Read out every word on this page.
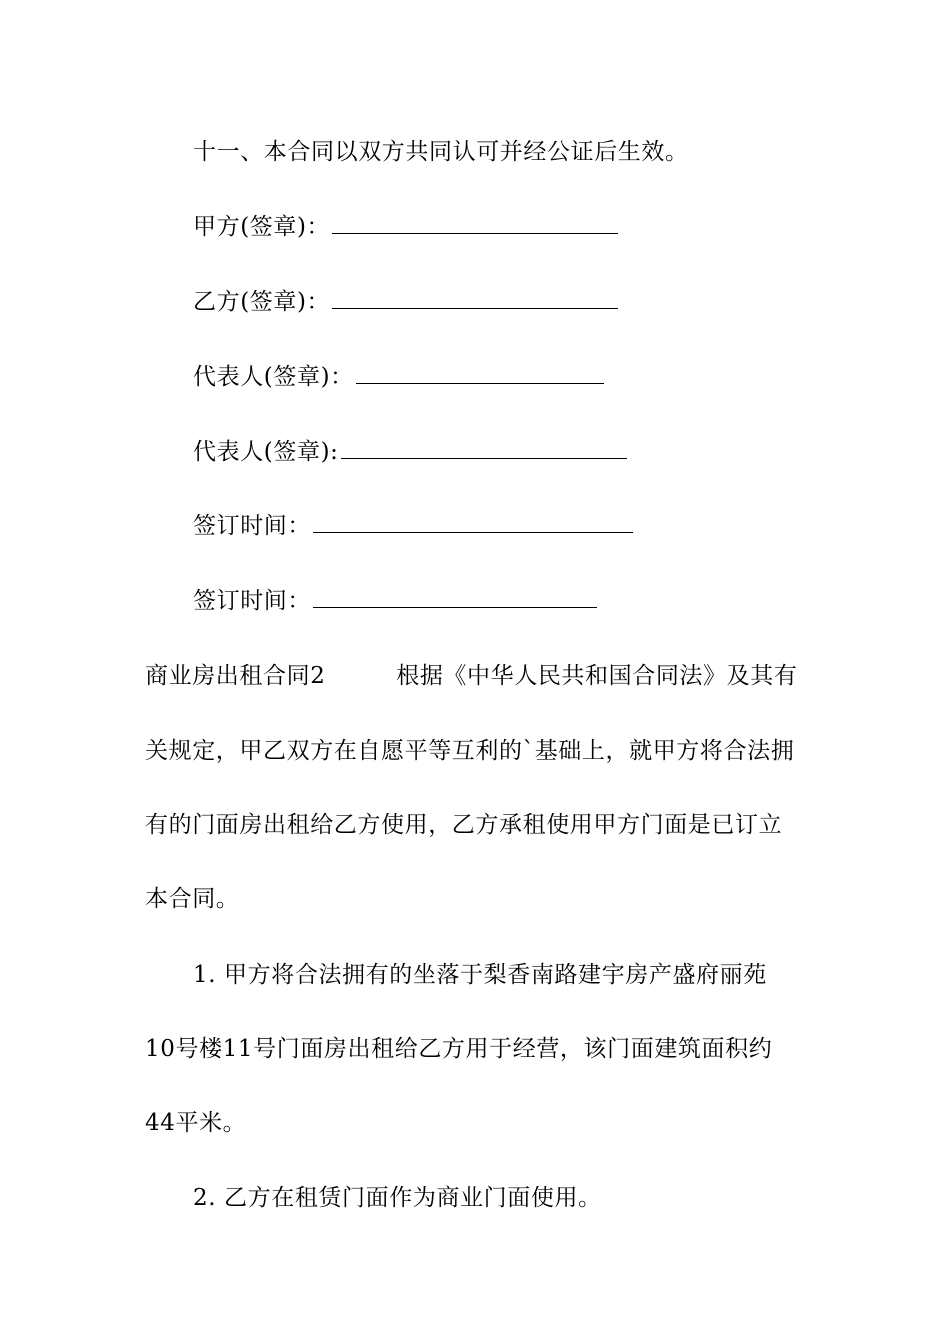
十一、本合同以双方共同认可并经公证后生效。
甲方(签章)：
乙方(签章)：
代表人(签章)：
代表人(签章):
签订时间：
签订时间：
商业房出租合同2　　　根据《中华人民共和国合同法》及其有
关规定，甲乙双方在自愿平等互利的`基础上，就甲方将合法拥
有的门面房出租给乙方使用，乙方承租使用甲方门面是已订立
本合同。
1. 甲方将合法拥有的坐落于梨香南路建宇房产盛府丽苑
10号楼11号门面房出租给乙方用于经营，该门面建筑面积约
44平米。
2. 乙方在租赁门面作为商业门面使用。
